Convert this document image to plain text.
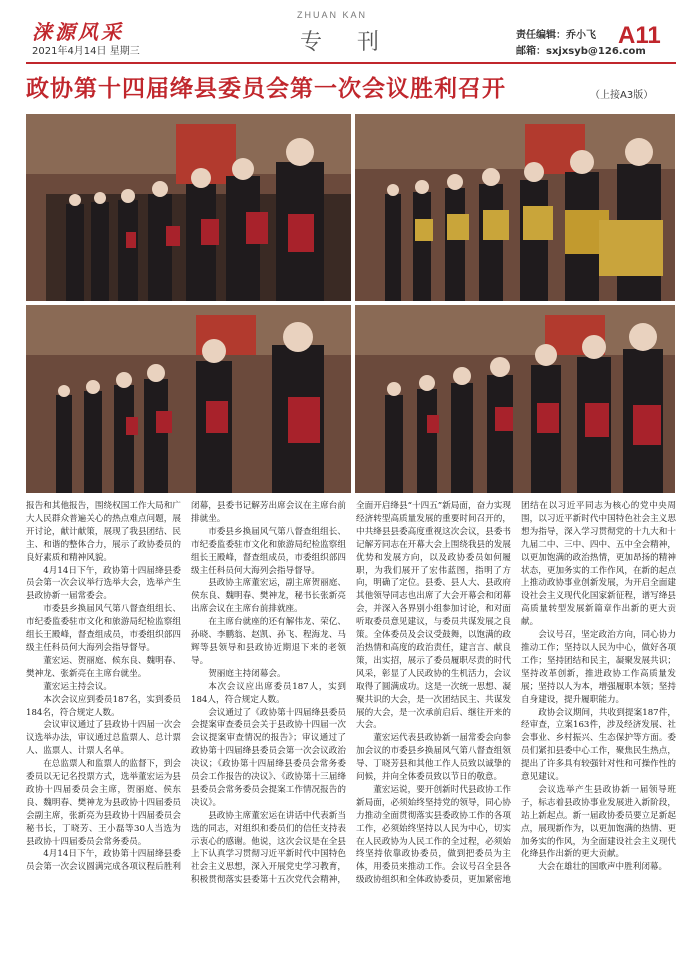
涞源风采
2021年4月14日 星期三
ZHUAN KAN
专 刊	责任编辑：乔小飞
邮箱：sxjxsyb@126.com
A11
政协第十四届绛县委员会第一次会议胜利召开	（上接A3版）

报告和其他报告，围绕权国工作大局和广大人民群众普遍关心的热点难点问题，展开讨论，献计献策，展现了我县团结、民主、和谐的整体合力，展示了政协委员的良好素质和精神风貌。

4月14日下午，政协第十四届绛县委员会第一次会议举行选举大会，选举产生县政协新一届常委会。

市委县乡换届风气第八督查组组长、市纪委监委驻市文化和旅游局纪检监察组组长王殿峰，督查组成员，市委组织部四级主任科员何大海列会指导督导。

董宏运、贺丽庭、候东良、魏明春、樊神龙、张新亮在主席台就坐。

董宏运主持会议。

本次会议应到委员187名，实到委员184名，符合规定人数。

会议审议通过了县政协十四届一次会议选举办法，审议通过总监票人、总计票人、监票人、计票人名单。

在总监票人和监票人的监督下，到会委员以无记名投票方式，选举董宏运为县政协十四届委员会主席，贺丽庭、侯东良、魏明春、樊神龙为县政协十四届委员会副主席，张新亮为县政协十四届委员会秘书长，丁晓芳、王小磊等30人当选为县政协十四届委员会常务委员。

4月14日下午，政协第十四届绛县委员会第一次会议圆满完成各项议程后胜利闭幕，县委书记解芳出席会议在主席台前排就坐。

市委县乡换届风气第八督查组组长、市纪委监委驻市文化和旅游局纪检监察组组长王殿峰，督查组成员，市委组织部四级主任科员何大海列会指导督导。

县政协主席董宏运，副主席贺丽庭、侯东良、魏明春、樊神龙，秘书长张新亮出席会议在主席台前排就座。

在主席台就座的还有解伟龙、荣亿、孙晓、李鹏翁、赵凯、孙飞、程海龙、马辉等县领导和县政协近期退下来的老领导。

贺丽庭主持闭幕会。

本次会议应出席委员187人，实到184人，符合规定人数。

会议通过了《政协第十四届绛县委员会提案审查委员会关于县政协十四届一次会议提案审查情况的报告》；审议通过了政协第十四届绛县委员会第一次会议政治决议；《政协第十四届绛县委员会常务委员会工作报告的决议》、《政协第十三届绛县委员会常务委员会提案工作情况报告的决议》。

县政协主席董宏运在讲话中代表新当选的同志，对组织和委员们的信任支持表示衷心的感谢。他说，这次会议是在全县上下认真学习贯彻习近平新时代中国特色社会主义思想，深入开展党史学习教育，积极贯彻落实县委第十五次党代会精神，全面开启绛县“十四五”新局面，奋力实现经济转型高质量发展的重要时间召开的，中共绛县县委高度重视这次会议，县委书记解芳同志在开幕大会上围绕我县的发展优势和发展方向，以及政协委员如何履职，为我们展开了宏伟蓝图，指明了方向，明确了定位。县委、县人大、县政府其他领导同志也出席了大会开幕会和闭幕会，并深入各界别小组参加讨论，和对面听取委员意见建议，与委员共谋发展之良策。全体委员及会议受鼓舞，以饱满的政治热情和高度的政治责任，建言言、献良策，出实招，展示了委员履职尽责的时代风采，彰显了人民政协的生机活力，会议取得了圆满成功。这是一次统一思想、凝聚共识的大会，是一次团结民主、共谋发展的大会，是一次承前启后、继往开来的大会。

董宏运代表县政协新一届常委会向参加会议的市委县乡换届风气第八督查组领导、丁晓芳县和其他工作人员致以诚挚的问候，并向全体委员致以节日的敬意。

董宏运说，要开创新时代县政协工作新局面，必须始终坚持党的领导，同心协力推动全面贯彻落实县委政协工作的各项工作，必须始终坚持以人民为中心，切实在人民政协为人民工作的全过程，必须始终坚持依靠政协委员，做到把委员为主体，用委员来推动工作。会议号召全县各级政协组织和全体政协委员，更加紧密地团结在以习近平同志为核心的党中央周围，以习近平新时代中国特色社会主义思想为指导，深入学习贯彻党的十九大和十九届二中、三中、四中、五中全会精神，以更加饱满的政治热情，更加昂扬的精神状态，更加务实的工作作风，在新的起点上推动政协事业创新发展，为开启全面建设社会主义现代化国家新征程，谱写绛县高质量转型发展新篇章作出新的更大贡献。

会议号召，坚定政治方向，同心协力推动工作；坚持以人民为中心，做好各项工作；坚持团结和民主，凝聚发展共识；坚持改革创新，推进政协工作高质量发展；坚持以人为本，增强履职本领；坚持自身建设，提升履职能力。

政协会议期间，共收到提案187件，经审查，立案163件，涉及经济发展、社会事业、乡村振兴、生态保护等方面。委员们紧扣县委中心工作，聚焦民生热点，提出了许多具有较强针对性和可操作性的意见建议。

会议选举产生县政协新一届领导班子，标志着县政协事业发展进入新阶段，站上新起点。新一届政协委员要立足新起点，展现新作为，以更加饱满的热情、更加务实的作风，为全面建设社会主义现代化绛县作出新的更大贡献。

大会在雄壮的国歌声中胜利闭幕。
